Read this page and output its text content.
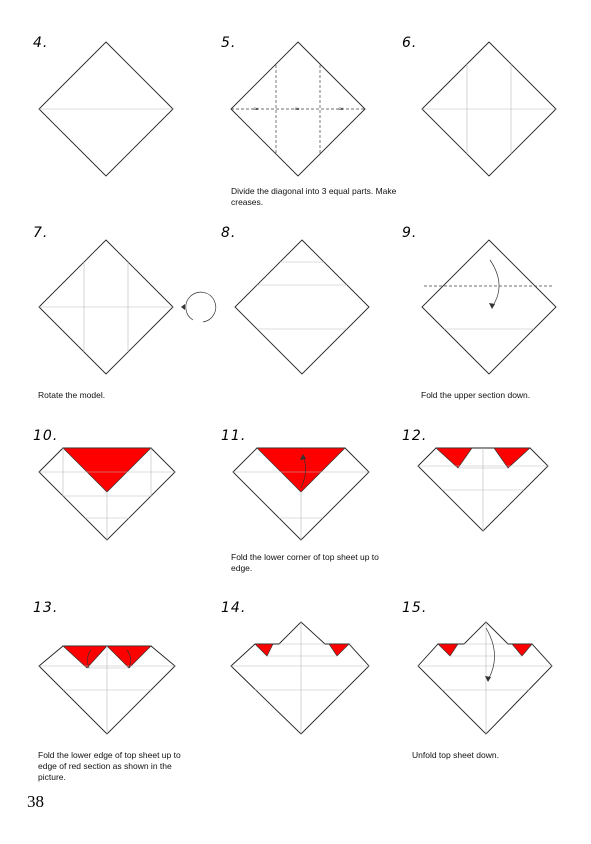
4.	5.
≈	≈	≈
Divide the diagonal into 3 equal parts. Make creases.
6.
7.
Rotate the model.
8.	9.
Fold the upper section down.
10.	11.
Fold the lower corner of top sheet up to edge.
12.
13.
Fold the lower edge of top sheet up to edge of red section as shown in the picture.
14.	15.
Unfold top sheet down.
38
